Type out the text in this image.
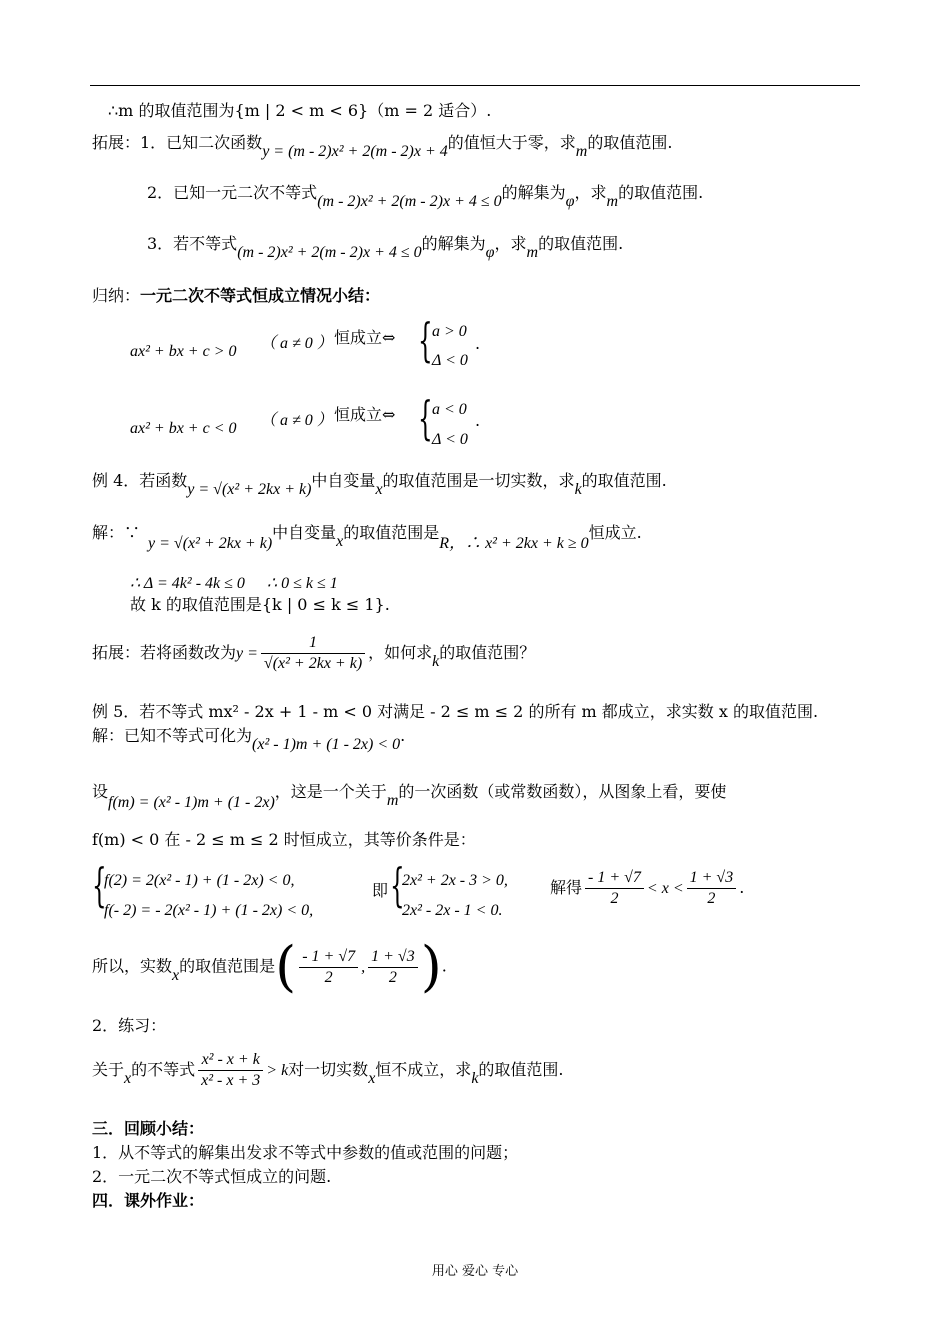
∴m 的取值范围为{m | 2 < m < 6}（m = 2 适合）.
拓展：1．已知二次函数y = (m - 2)x² + 2(m - 2)x + 4的值恒大于零，求m的取值范围.
2．已知一元二次不等式(m - 2)x² + 2(m - 2)x + 4 ≤ 0的解集为φ，求m的取值范围.
3．若不等式(m - 2)x² + 2(m - 2)x + 4 ≤ 0的解集为φ，求m的取值范围.
归纳：一元二次不等式恒成立情况小结：
ax² + bx + c > 0 （ a ≠ 0 ） 恒成立⇔ { a > 0
Δ < 0
.
ax² + bx + c < 0 （ a ≠ 0 ） 恒成立⇔ { a < 0
Δ < 0
.
例 4．若函数y = √(x² + 2kx + k)中自变量x的取值范围是一切实数，求k的取值范围.
解：∵y = √(x² + 2kx + k)中自变量x的取值范围是R，∴ x² + 2kx + k ≥ 0恒成立.
∴ Δ = 4k² - 4k ≤ 0 ∴ 0 ≤ k ≤ 1
故 k 的取值范围是{k | 0 ≤ k ≤ 1}.
拓展：若将函数改为$y = \frac{1}{\text{√(x² + 2kx + k)}}$ ，如何求k的取值范围？
例 5．若不等式 mx² - 2x + 1 - m < 0 对满足 - 2 ≤ m ≤ 2 的所有 m 都成立，求实数 x 的取值范围.
解：已知不等式可化为(x² - 1)m + (1 - 2x) < 0.
设f(m) = (x² - 1)m + (1 - 2x)，这是一个关于m的一次函数（或常数函数），从图象上看，要使
f(m) < 0 在 - 2 ≤ m ≤ 2 时恒成立，其等价条件是：
{
f(2) = 2(x² - 1) + (1 - 2x) < 0,
f(- 2) = - 2(x² - 1) + (1 - 2x) < 0,
即 {
2x² + 2x - 3 > 0,
2x² - 2x - 1 < 0.
解得 $\frac{- 1 + √7}{2} < x < \frac{1 + √3}{2}$ .
所以，实数x的取值范围是( $\frac{- 1 + √7}{2}$ , $\frac{1 + √3}{2}$ ).
2．练习：
关于x的不等式 $\frac{\text{x² - x + k}}{\text{x² - x + 3}} > k$对一切实数x恒不成立，求k的取值范围.
三．回顾小结：
1．从不等式的解集出发求不等式中参数的值或范围的问题；
2．一元二次不等式恒成立的问题.
四．课外作业：
用心 爱心 专心
